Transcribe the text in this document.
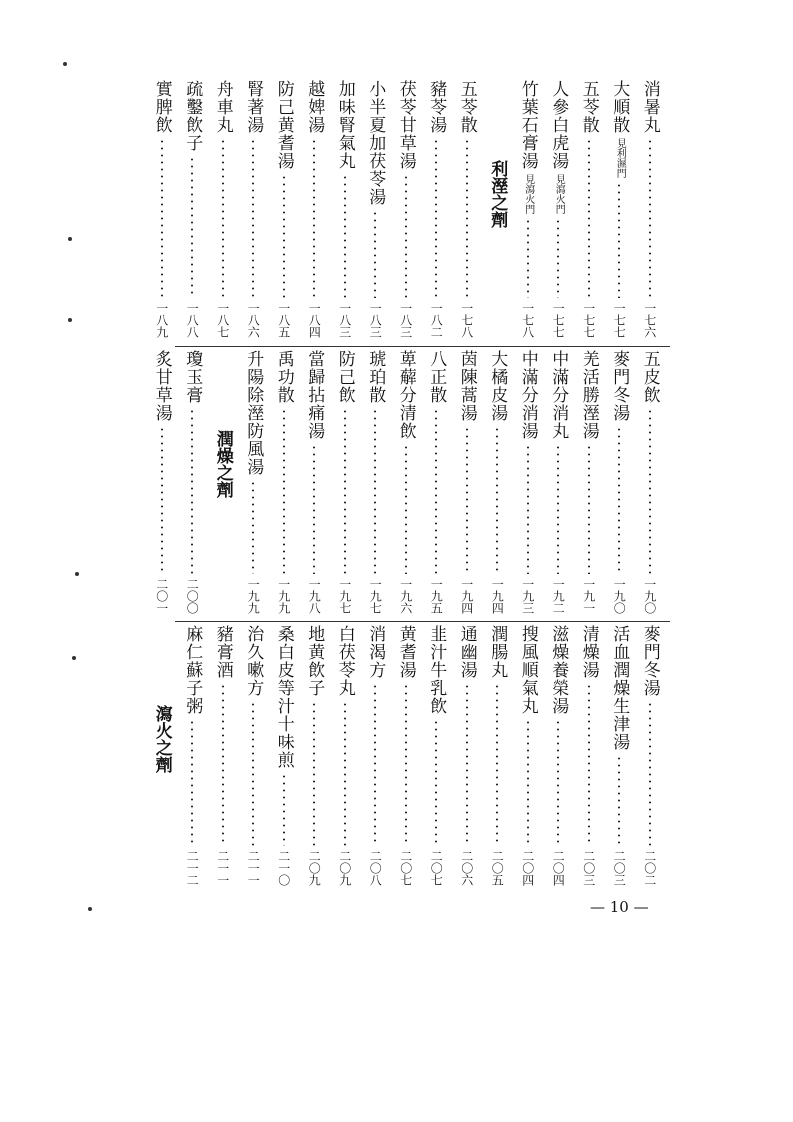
消暑丸
一七六
大順散
見利濕門
一七七
五苓散
一七七
人參白虎湯
見瀉火門
一七七
竹葉石膏湯
見瀉火門
一七八
利溼之劑
五苓散
一七八
豬苓湯
一八二
茯苓甘草湯
一八三
小半夏加茯苓湯
一八三
加味腎氣丸
一八三
越婢湯
一八四
防己黄耆湯
一八五
腎著湯
一八六
舟車丸
一八七
疏鑿飲子
一八八
實脾飲
一八九
五皮飲
一九〇
麥門冬湯
一九〇
羌活勝溼湯
一九一
中滿分消丸
一九二
中滿分消湯
一九三
大橘皮湯
一九四
茵陳蒿湯
一九四
八正散
一九五
萆薢分清飲
一九六
琥珀散
一九七
防己飲
一九七
當歸拈痛湯
一九八
禹功散
一九九
升陽除溼防風湯
一九九
潤燥之劑
瓊玉膏
二〇〇
炙甘草湯
二〇一
麥門冬湯
二〇二
活血潤燥生津湯
二〇三
清燥湯
二〇三
滋燥養榮湯
二〇四
搜風順氣丸
二〇四
潤腸丸
二〇五
通幽湯
二〇六
韭汁牛乳飲
二〇七
黄耆湯
二〇七
消渴方
二〇八
白茯苓丸
二〇九
地黄飲子
二〇九
桑白皮等汁十味煎
二一〇
治久嗽方
二一一
豬膏酒
二一一
麻仁蘇子粥
二一二
瀉火之劑
— 10 —
